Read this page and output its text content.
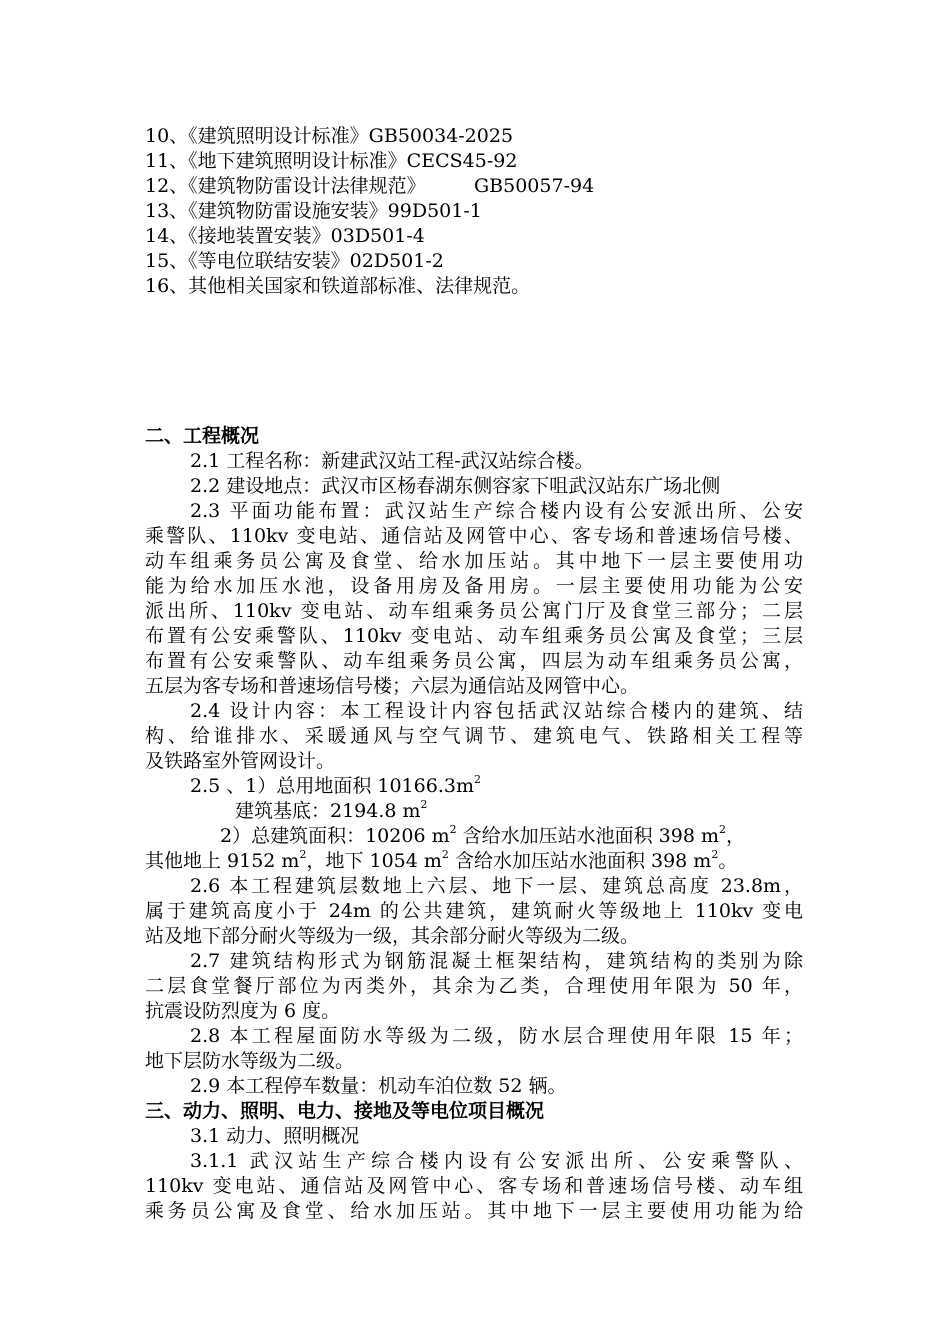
10、《建筑照明设计标准》GB50034-2025
11、《地下建筑照明设计标准》CECS45-92
12、《建筑物防雷设计法律规范》        GB50057-94
13、《建筑物防雷设施安装》99D501-1
14、《接地装置安装》03D501-4
15、《等电位联结安装》02D501-2
16、其他相关国家和铁道部标准、法律规范。
二、工程概况
2.1 工程名称：新建武汉站工程-武汉站综合楼。
2.2 建设地点：武汉市区杨春湖东侧容家下咀武汉站东广场北侧
2.3 平面功能布置：武汉站生产综合楼内设有公安派出所、公安
乘警队、110kv 变电站、通信站及网管中心、客专场和普速场信号楼、
动车组乘务员公寓及食堂、给水加压站。其中地下一层主要使用功
能为给水加压水池，设备用房及备用房。一层主要使用功能为公安
派出所、110kv 变电站、动车组乘务员公寓门厅及食堂三部分；二层
布置有公安乘警队、110kv 变电站、动车组乘务员公寓及食堂；三层
布置有公安乘警队、动车组乘务员公寓，四层为动车组乘务员公寓，
五层为客专场和普速场信号楼；六层为通信站及网管中心。
2.4 设计内容：本工程设计内容包括武汉站综合楼内的建筑、结
构、给谁排水、采暖通风与空气调节、建筑电气、铁路相关工程等
及铁路室外管网设计。
2.5 、1）总用地面积 $10166.3m^2$
建筑基底：2194.8 $m^2$
2）总建筑面积：10206 $m^2$ 含给水加压站水池面积 398 $m^2$，
其他地上 9152 $m^2$，地下 1054 $m^2$ 含给水加压站水池面积 398 $m^2$。
2.6 本工程建筑层数地上六层、地下一层、建筑总高度 23.8m，
属于建筑高度小于 24m 的公共建筑，建筑耐火等级地上 110kv 变电
站及地下部分耐火等级为一级，其余部分耐火等级为二级。
2.7 建筑结构形式为钢筋混凝土框架结构，建筑结构的类别为除
二层食堂餐厅部位为丙类外，其余为乙类，合理使用年限为 50 年，
抗震设防烈度为 6 度。
2.8 本工程屋面防水等级为二级，防水层合理使用年限 15 年；
地下层防水等级为二级。
2.9 本工程停车数量：机动车泊位数 52 辆。
三、动力、照明、电力、接地及等电位项目概况
3.1 动力、照明概况
3.1.1 武汉站生产综合楼内设有公安派出所、公安乘警队、
110kv 变电站、通信站及网管中心、客专场和普速场信号楼、动车组
乘务员公寓及食堂、给水加压站。其中地下一层主要使用功能为给
